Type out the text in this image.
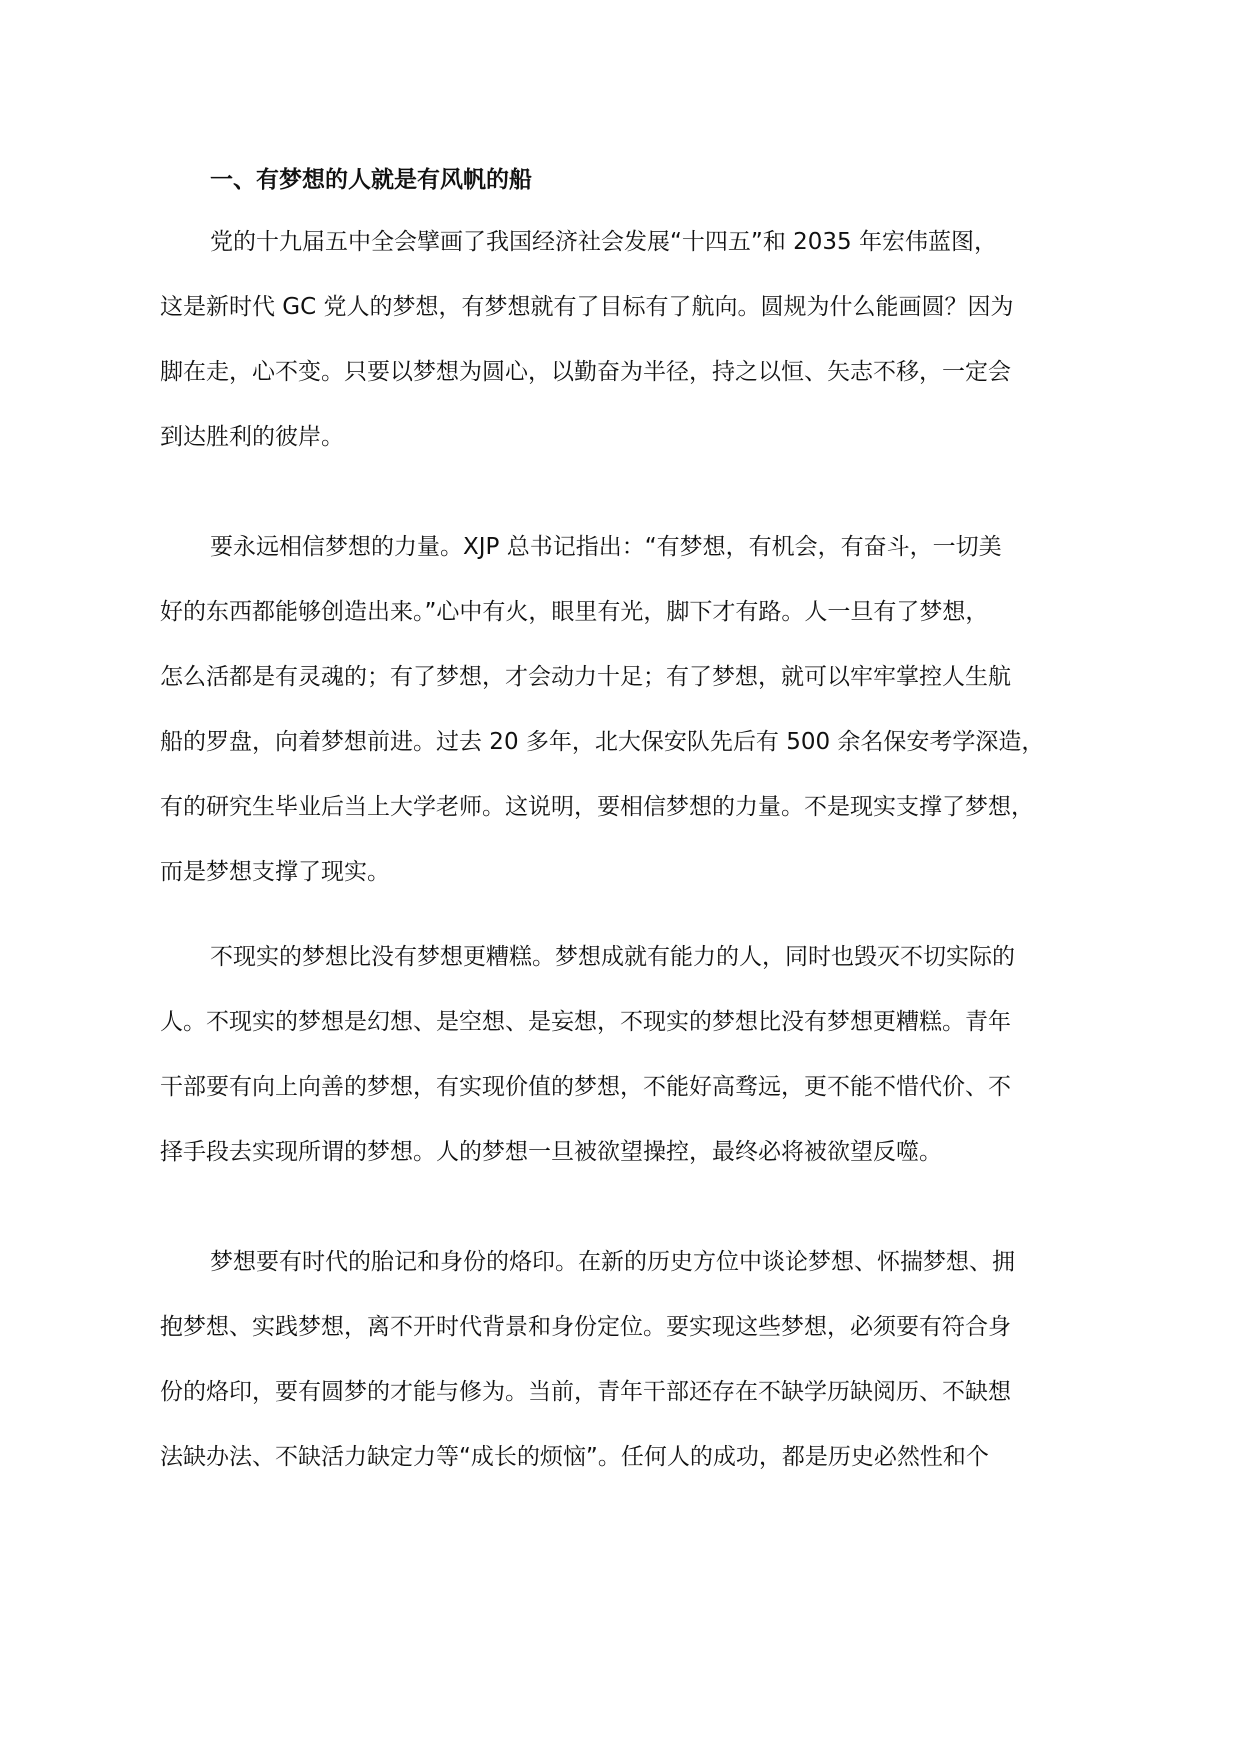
一、有梦想的人就是有风帆的船
党的十九届五中全会擘画了我国经济社会发展“十四五”和 2035 年宏伟蓝图，
这是新时代 GC 党人的梦想，有梦想就有了目标有了航向。圆规为什么能画圆？因为
脚在走，心不变。只要以梦想为圆心，以勤奋为半径，持之以恒、矢志不移，一定会
到达胜利的彼岸。
要永远相信梦想的力量。XJP 总书记指出：“有梦想，有机会，有奋斗，一切美
好的东西都能够创造出来。”心中有火，眼里有光，脚下才有路。人一旦有了梦想，
怎么活都是有灵魂的；有了梦想，才会动力十足；有了梦想，就可以牢牢掌控人生航
船的罗盘，向着梦想前进。过去 20 多年，北大保安队先后有 500 余名保安考学深造，
有的研究生毕业后当上大学老师。这说明，要相信梦想的力量。不是现实支撑了梦想，
而是梦想支撑了现实。
不现实的梦想比没有梦想更糟糕。梦想成就有能力的人，同时也毁灭不切实际的
人。不现实的梦想是幻想、是空想、是妄想，不现实的梦想比没有梦想更糟糕。青年
干部要有向上向善的梦想，有实现价值的梦想，不能好高骛远，更不能不惜代价、不
择手段去实现所谓的梦想。人的梦想一旦被欲望操控，最终必将被欲望反噬。
梦想要有时代的胎记和身份的烙印。在新的历史方位中谈论梦想、怀揣梦想、拥
抱梦想、实践梦想，离不开时代背景和身份定位。要实现这些梦想，必须要有符合身
份的烙印，要有圆梦的才能与修为。当前，青年干部还存在不缺学历缺阅历、不缺想
法缺办法、不缺活力缺定力等“成长的烦恼”。任何人的成功，都是历史必然性和个
